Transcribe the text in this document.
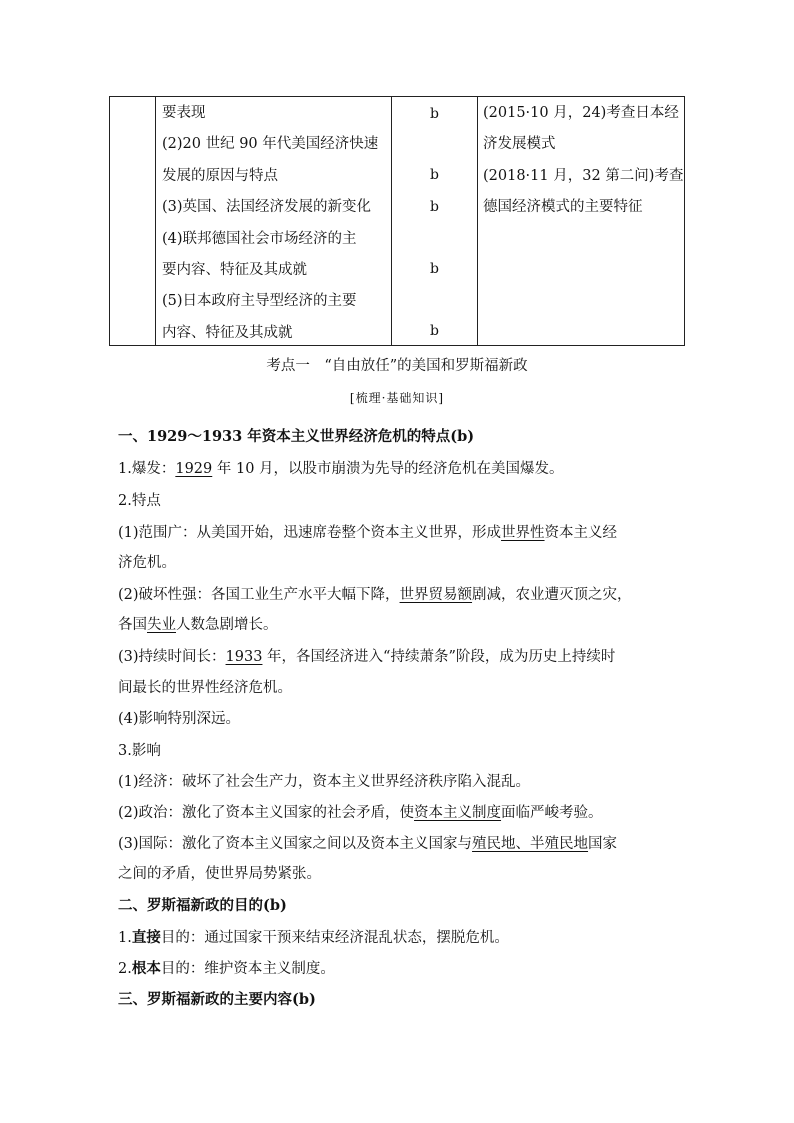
要表现
(2)20 世纪 90 年代美国经济快速
发展的原因与特点
(3)英国、法国经济发展的新变化
(4)联邦德国社会市场经济的主
要内容、特征及其成就
(5)日本政府主导型经济的主要
内容、特征及其成就
b
b
b
b
b
(2015·10 月，24)考查日本经
济发展模式
(2018·11 月，32 第二问)考查
德国经济模式的主要特征
考点一　“自由放任”的美国和罗斯福新政
[梳理·基础知识]
一、1929～1933 年资本主义世界经济危机的特点(b)
1.爆发：1929 年 10 月，以股市崩溃为先导的经济危机在美国爆发。
2.特点
(1)范围广：从美国开始，迅速席卷整个资本主义世界，形成世界性资本主义经
济危机。
(2)破坏性强：各国工业生产水平大幅下降，世界贸易额剧减，农业遭灭顶之灾，
各国失业人数急剧增长。
(3)持续时间长：1933 年，各国经济进入“持续萧条”阶段，成为历史上持续时
间最长的世界性经济危机。
(4)影响特别深远。
3.影响
(1)经济：破坏了社会生产力，资本主义世界经济秩序陷入混乱。
(2)政治：激化了资本主义国家的社会矛盾，使资本主义制度面临严峻考验。
(3)国际：激化了资本主义国家之间以及资本主义国家与殖民地、半殖民地国家
之间的矛盾，使世界局势紧张。
二、罗斯福新政的目的(b)
1.直接目的：通过国家干预来结束经济混乱状态，摆脱危机。
2.根本目的：维护资本主义制度。
三、罗斯福新政的主要内容(b)
